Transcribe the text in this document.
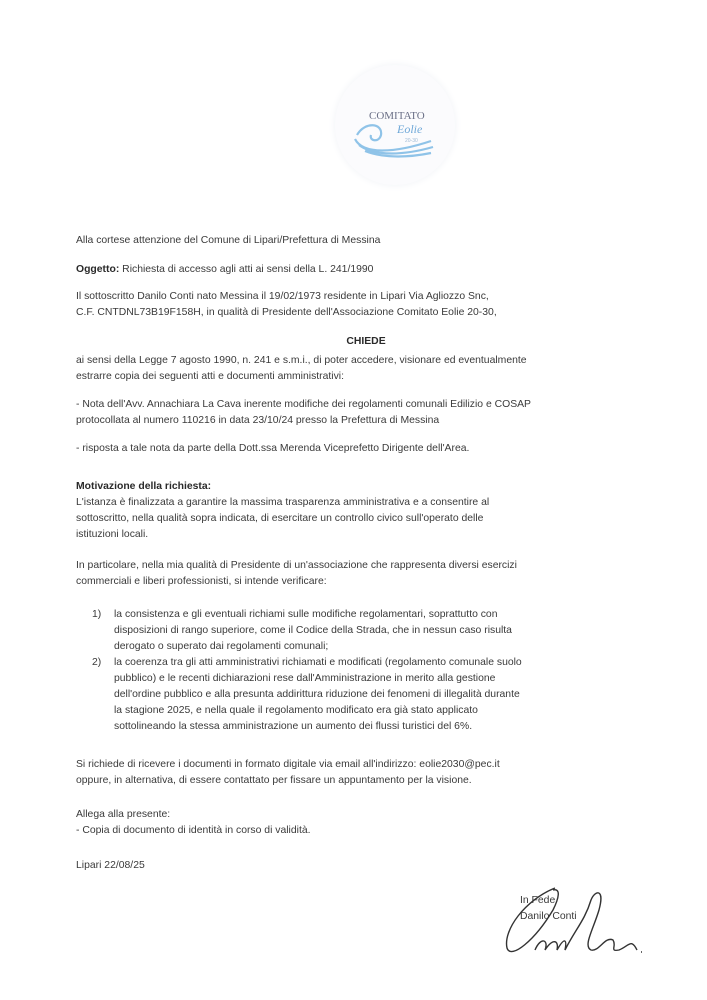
COMITATO
Eolie
20-30
Alla cortese attenzione del Comune di Lipari/Prefettura di Messina
Oggetto: Richiesta di accesso agli atti ai sensi della L. 241/1990
Il sottoscritto Danilo Conti nato Messina il 19/02/1973 residente in Lipari Via Agliozzo Snc,
C.F. CNTDNL73B19F158H, in qualità di Presidente dell'Associazione Comitato Eolie 20-30,
CHIEDE
ai sensi della Legge 7 agosto 1990, n. 241 e s.m.i., di poter accedere, visionare ed eventualmente
estrarre copia dei seguenti atti e documenti amministrativi:
- Nota dell'Avv. Annachiara La Cava inerente modifiche dei regolamenti comunali Edilizio e COSAP
protocollata al numero 110216 in data 23/10/24 presso la Prefettura di Messina
- risposta a tale nota da parte della Dott.ssa Merenda Viceprefetto Dirigente dell'Area.
Motivazione della richiesta:
L'istanza è finalizzata a garantire la massima trasparenza amministrativa e a consentire al
sottoscritto, nella qualità sopra indicata, di esercitare un controllo civico sull'operato delle
istituzioni locali.
In particolare, nella mia qualità di Presidente di un'associazione che rappresenta diversi esercizi
commerciali e liberi professionisti, si intende verificare:
1) la consistenza e gli eventuali richiami sulle modifiche regolamentari, soprattutto con
disposizioni di rango superiore, come il Codice della Strada, che in nessun caso risulta
derogato o superato dai regolamenti comunali;
2) la coerenza tra gli atti amministrativi richiamati e modificati (regolamento comunale suolo
pubblico) e le recenti dichiarazioni rese dall'Amministrazione in merito alla gestione
dell'ordine pubblico e alla presunta addirittura riduzione dei fenomeni di illegalità durante
la stagione 2025, e nella quale il regolamento modificato era già stato applicato
sottolineando la stessa amministrazione un aumento dei flussi turistici del 6%.
Si richiede di ricevere i documenti in formato digitale via email all'indirizzo: eolie2030@pec.it
oppure, in alternativa, di essere contattato per fissare un appuntamento per la visione.
Allega alla presente:
- Copia di documento di identità in corso di validità.
Lipari 22/08/25
In Fede
Danilo Conti
